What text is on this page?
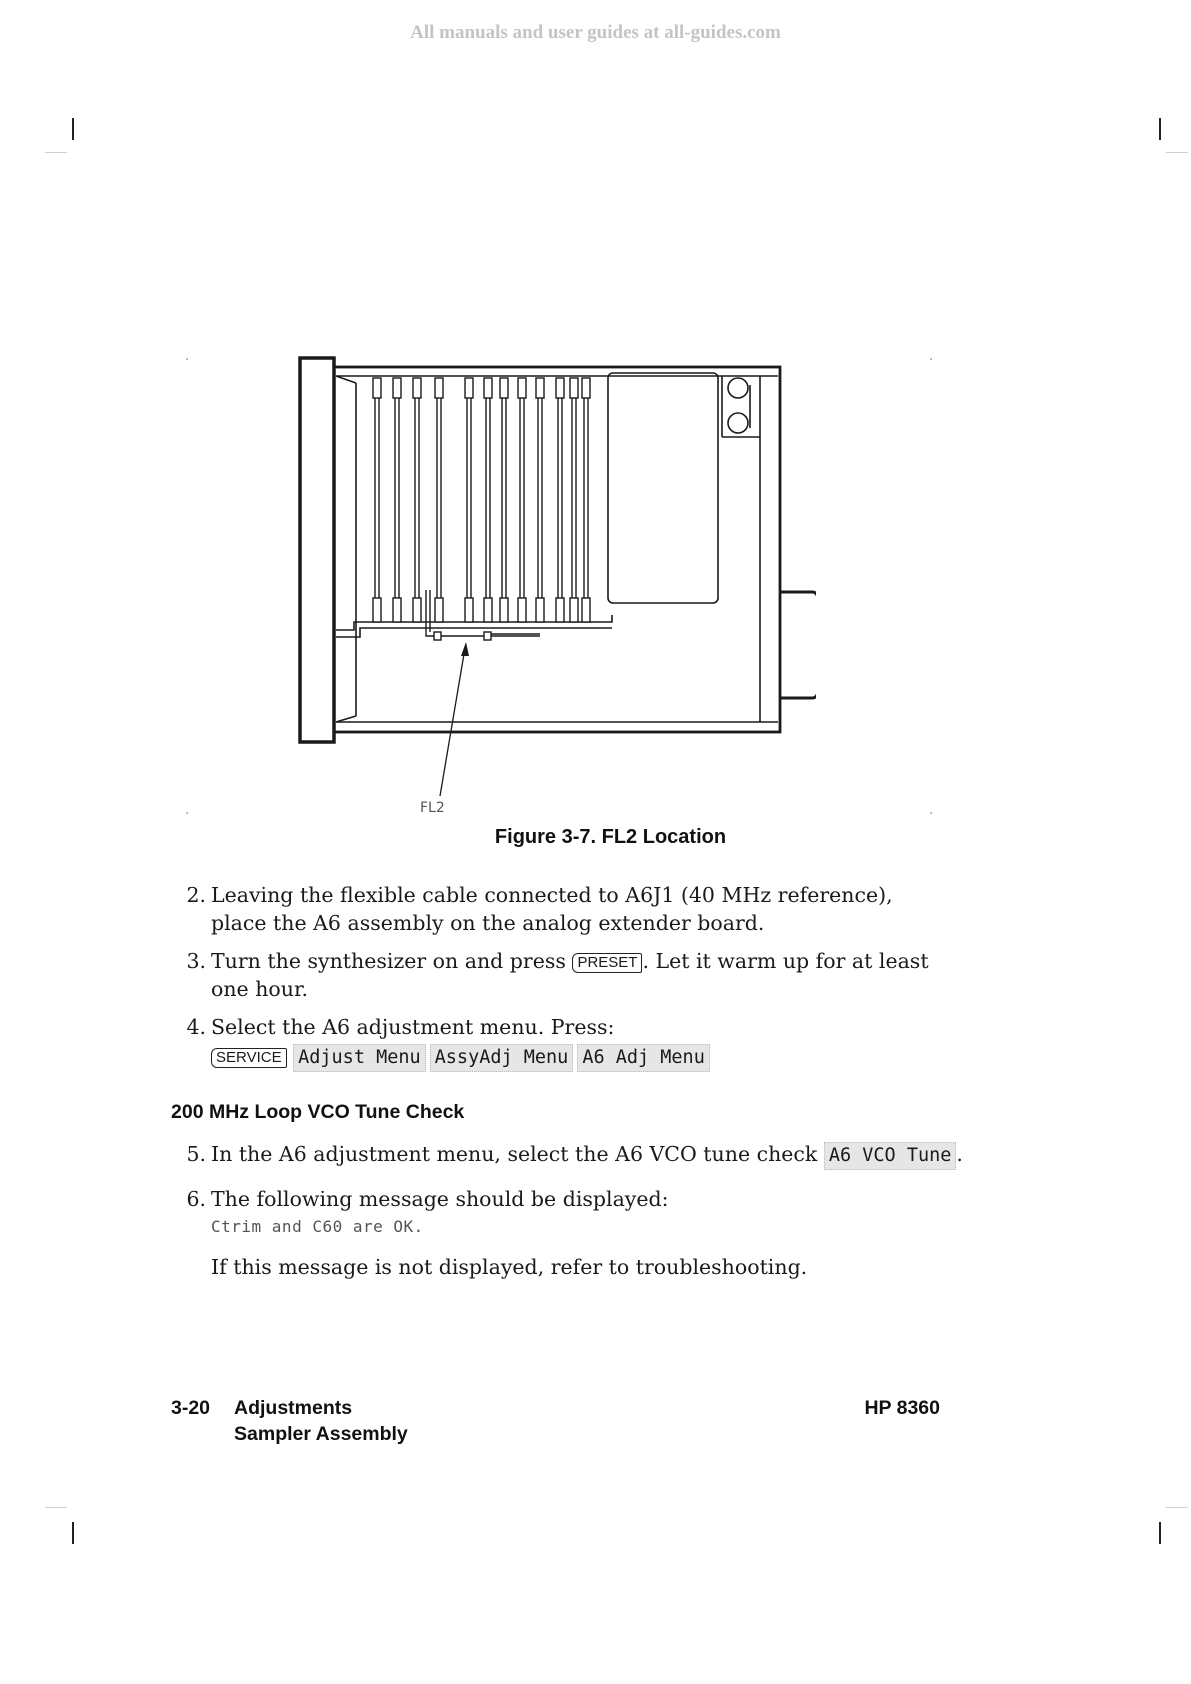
All manuals and user guides at all-guides.com
FL2
Figure 3-7. FL2 Location
2. Leaving the flexible cable connected to A6J1 (40 MHz reference), place the A6 assembly on the analog extender board.
3. Turn the synthesizer on and press PRESET . Let it warm up for at least one hour.
4. Select the A6 adjustment menu. Press:
SERVICE Adjust Menu AssyAdj Menu A6 Adj Menu
200 MHz Loop VCO Tune Check
5. In the A6 adjustment menu, select the A6 VCO tune check A6 VCO Tune .
6. The following message should be displayed:
Ctrim and C60 are OK.
If this message is not displayed, refer to troubleshooting.
3-20 Adjustments
Sampler Assembly
HP 8360
